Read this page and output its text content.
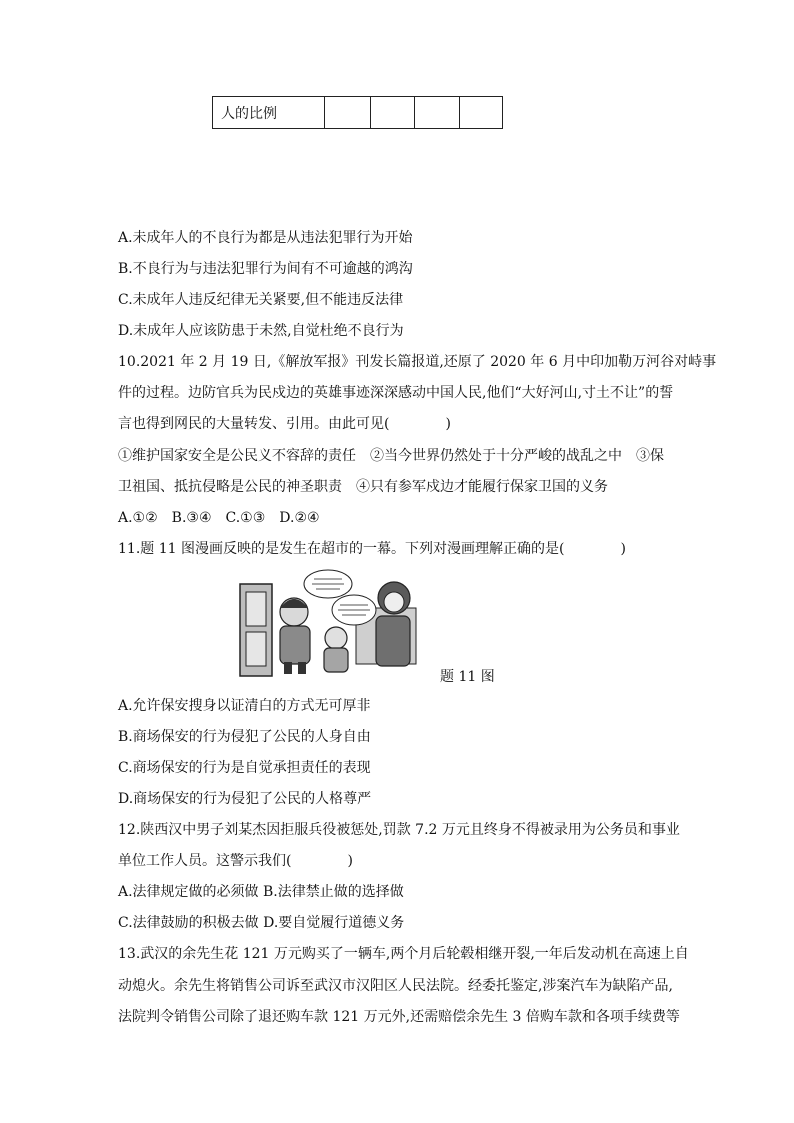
人的比例				
A.未成年人的不良行为都是从违法犯罪行为开始
B.不良行为与违法犯罪行为间有不可逾越的鸿沟
C.未成年人违反纪律无关紧要,但不能违反法律
D.未成年人应该防患于未然,自觉杜绝不良行为
10.2021 年 2 月 19 日,《解放军报》刊发长篇报道,还原了 2020 年 6 月中印加勒万河谷对峙事
件的过程。边防官兵为民戍边的英雄事迹深深感动中国人民,他们“大好河山,寸土不让”的誓
言也得到网民的大量转发、引用。由此可见(　　　　)
①维护国家安全是公民义不容辞的责任　②当今世界仍然处于十分严峻的战乱之中　③保
卫祖国、抵抗侵略是公民的神圣职责　④只有参军戍边才能履行保家卫国的义务
A.①②　B.③④　C.①③　D.②④
11.题 11 图漫画反映的是发生在超市的一幕。下列对漫画理解正确的是(　　　　)
题 11 图
A.允许保安搜身以证清白的方式无可厚非
B.商场保安的行为侵犯了公民的人身自由
C.商场保安的行为是自觉承担责任的表现
D.商场保安的行为侵犯了公民的人格尊严
12.陕西汉中男子刘某杰因拒服兵役被惩处,罚款 7.2 万元且终身不得被录用为公务员和事业
单位工作人员。这警示我们(　　　　)
A.法律规定做的必须做 B.法律禁止做的选择做
C.法律鼓励的积极去做 D.要自觉履行道德义务
13.武汉的余先生花 121 万元购买了一辆车,两个月后轮毂相继开裂,一年后发动机在高速上自
动熄火。余先生将销售公司诉至武汉市汉阳区人民法院。经委托鉴定,涉案汽车为缺陷产品,
法院判令销售公司除了退还购车款 121 万元外,还需赔偿余先生 3 倍购车款和各项手续费等
